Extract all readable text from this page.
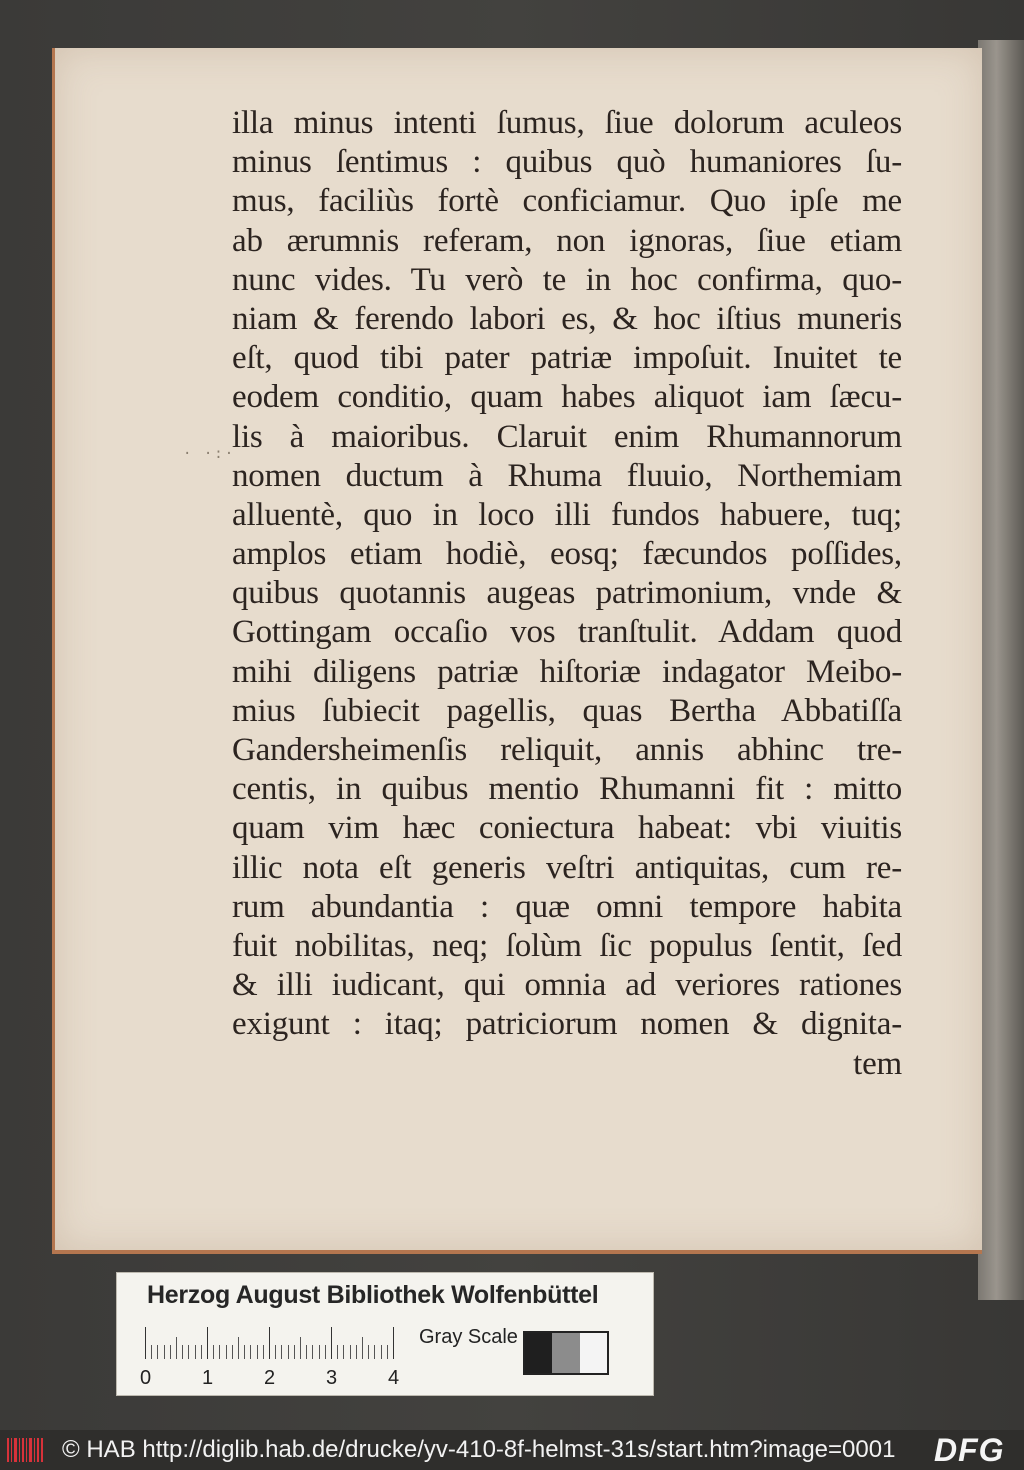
· ·:·
illa minus intenti ſumus, ſiue dolorum aculeos
minus ſentimus : quibus quò humaniores ſu-
mus, faciliùs fortè conficiamur. Quo ipſe me
ab ærumnis referam, non ignoras, ſiue etiam
nunc vides. Tu verò te in hoc confirma, quo-
niam & ferendo labori es, & hoc iſtius muneris
eſt, quod tibi pater patriæ impoſuit. Inuitet te
eodem conditio, quam habes aliquot iam ſæcu-
lis à maioribus. Claruit enim Rhumannorum
nomen ductum à Rhuma fluuio, Northemiam
alluentè, quo in loco illi fundos habuere, tuq;
amplos etiam hodiè, eosq; fæcundos poſſides,
quibus quotannis augeas patrimonium, vnde &
Gottingam occaſio vos tranſtulit. Addam quod
mihi diligens patriæ hiſtoriæ indagator Meibo-
mius ſubiecit pagellis, quas Bertha Abbatiſſa
Gandersheimenſis reliquit, annis abhinc tre-
centis, in quibus mentio Rhumanni fit : mitto
quam vim hæc coniectura habeat: vbi viuitis
illic nota eſt generis veſtri antiquitas, cum re-
rum abundantia : quæ omni tempore habita
fuit nobilitas, neq; ſolùm ſic populus ſentit, ſed
& illi iudicant, qui omnia ad veriores rationes
exigunt : itaq; patriciorum nomen & dignita-
tem
Herzog August Bibliothek Wolfenbüttel
0	1	2	3	4
Gray Scale
© HAB http://diglib.hab.de/drucke/yv-410-8f-helmst-31s/start.htm?image=0001 DFG
